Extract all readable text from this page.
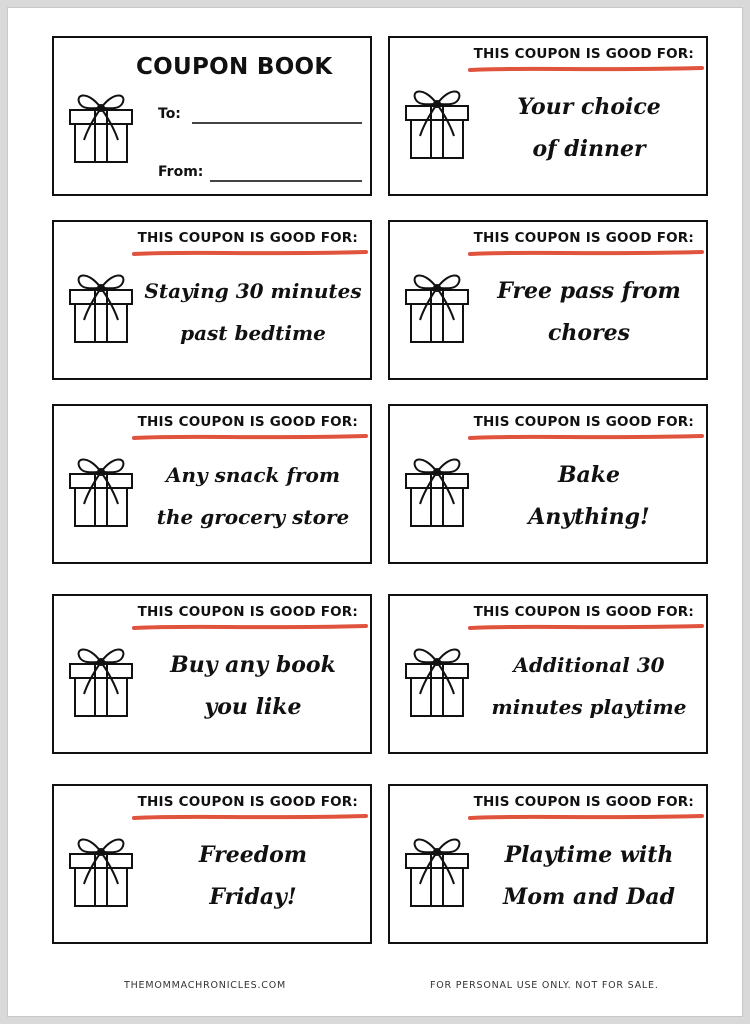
COUPON BOOK
To:
From:
THIS COUPON IS GOOD FOR:
Your choice
of dinner
THIS COUPON IS GOOD FOR:
Staying 30 minutes
past bedtime
THIS COUPON IS GOOD FOR:
Free pass from
chores
THIS COUPON IS GOOD FOR:
Any snack from
the grocery store
THIS COUPON IS GOOD FOR:
Bake
Anything!
THIS COUPON IS GOOD FOR:
Buy any book
you like
THIS COUPON IS GOOD FOR:
Additional 30
minutes playtime
THIS COUPON IS GOOD FOR:
Freedom
Friday!
THIS COUPON IS GOOD FOR:
Playtime with
Mom and Dad
THEMOMMACHRONICLES.COM	FOR PERSONAL USE ONLY. NOT FOR SALE.
